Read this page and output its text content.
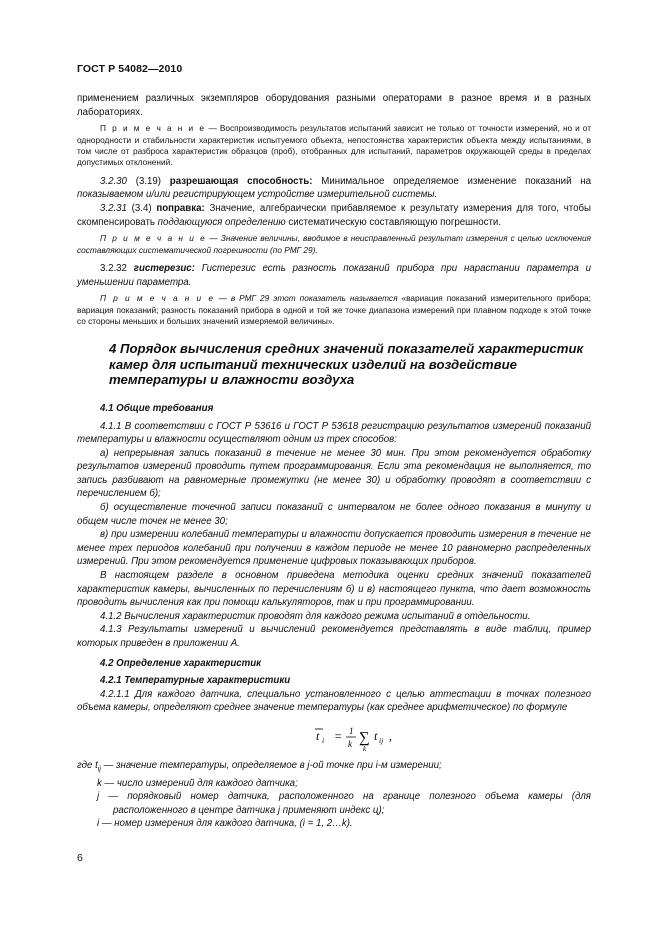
ГОСТ Р 54082—2010

применением различных экземпляров оборудования разными операторами в разное время и в разных лабораториях.

П р и м е ч а н и е — Воспроизводимость результатов испытаний зависит не только от точности измерений, но и от однородности и стабильности характеристик испытуемого объекта, непостоянства характеристик объекта между испытаниями, в том числе от разброса характеристик образцов (проб), отобранных для испытаний, параметров окружающей среды в пределах допустимых отклонений.

3.2.30 (3.19) разрешающая способность: Минимальное определяемое изменение показаний на показываемом и/или регистрирующем устройстве измерительной системы.

3.2.31 (3.4) поправка: Значение, алгебраически прибавляемое к результату измерения для того, чтобы скомпенсировать поддающуюся определению систематическую составляющую погрешности.

П р и м е ч а н и е — Значение величины, вводимое в неисправленный результат измерения с целью исключения составляющих систематической погрешности (по РМГ 29).

3.2.32 гистерезис: Гистерезис есть разность показаний прибора при нарастании параметра и уменьшении параметра.

П р и м е ч а н и е — в РМГ 29 этот показатель называется «вариация показаний измерительного прибора; вариация показаний; разность показаний прибора в одной и той же точке диапазона измерений при плавном подходе к этой точке со стороны меньших и больших значений измеряемой величины».

4 Порядок вычисления средних значений показателей характеристик камер для испытаний технических изделий на воздействие температуры и влажности воздуха

4.1 Общие требования

4.1.1 В соответствии с ГОСТ Р 53616 и ГОСТ Р 53618 регистрацию результатов измерений показаний температуры и влажности осуществляют одним из трех способов:

а) непрерывная запись показаний в течение не менее 30 мин. При этом рекомендуется обработку результатов измерений проводить путем программирования. Если эта рекомендация не выполняется, то запись разбивают на равномерные промежутки (не менее 30) и обработку проводят в соответствии с перечислением б);

б) осуществление точечной записи показаний с интервалом не более одного показания в минуту и общем числе точек не менее 30;

в) при измерении колебаний температуры и влажности допускается проводить измерения в течение не менее трех периодов колебаний при получении в каждом периоде не менее 10 равномерно распределенных измерений. При этом рекомендуется применение цифровых показывающих приборов.

В настоящем разделе в основном приведена методика оценки средних значений показателей характеристик камеры, вычисленных по перечислениям б) и в) настоящего пункта, что дает возможность проводить вычисления как при помощи калькуляторов, так и при программировании.

4.1.2 Вычисления характеристик проводят для каждого режима испытаний в отдельности.

4.1.3 Результаты измерений и вычислений рекомендуется представлять в виде таблиц, пример которых приведен в приложении А.

4.2 Определение характеристик

4.2.1 Температурные характеристики

4.2.1.1 Для каждого датчика, специально установленного с целью аттестации в точках полезного объема камеры, определяют среднее значение температуры (как среднее арифметическое) по формуле

t i = 1
k ∑
k
t ij ,

где $t_{ij}$ — значение температуры, определяемое в j-ой точке при i-м измерении;

k — число измерений для каждого датчика;

j — порядковый номер датчика, расположенного на границе полезного объема камеры (для расположенного в центре датчика j применяют индекс ц);

i — номер измерения для каждого датчика, (i = 1, 2…k).

6
